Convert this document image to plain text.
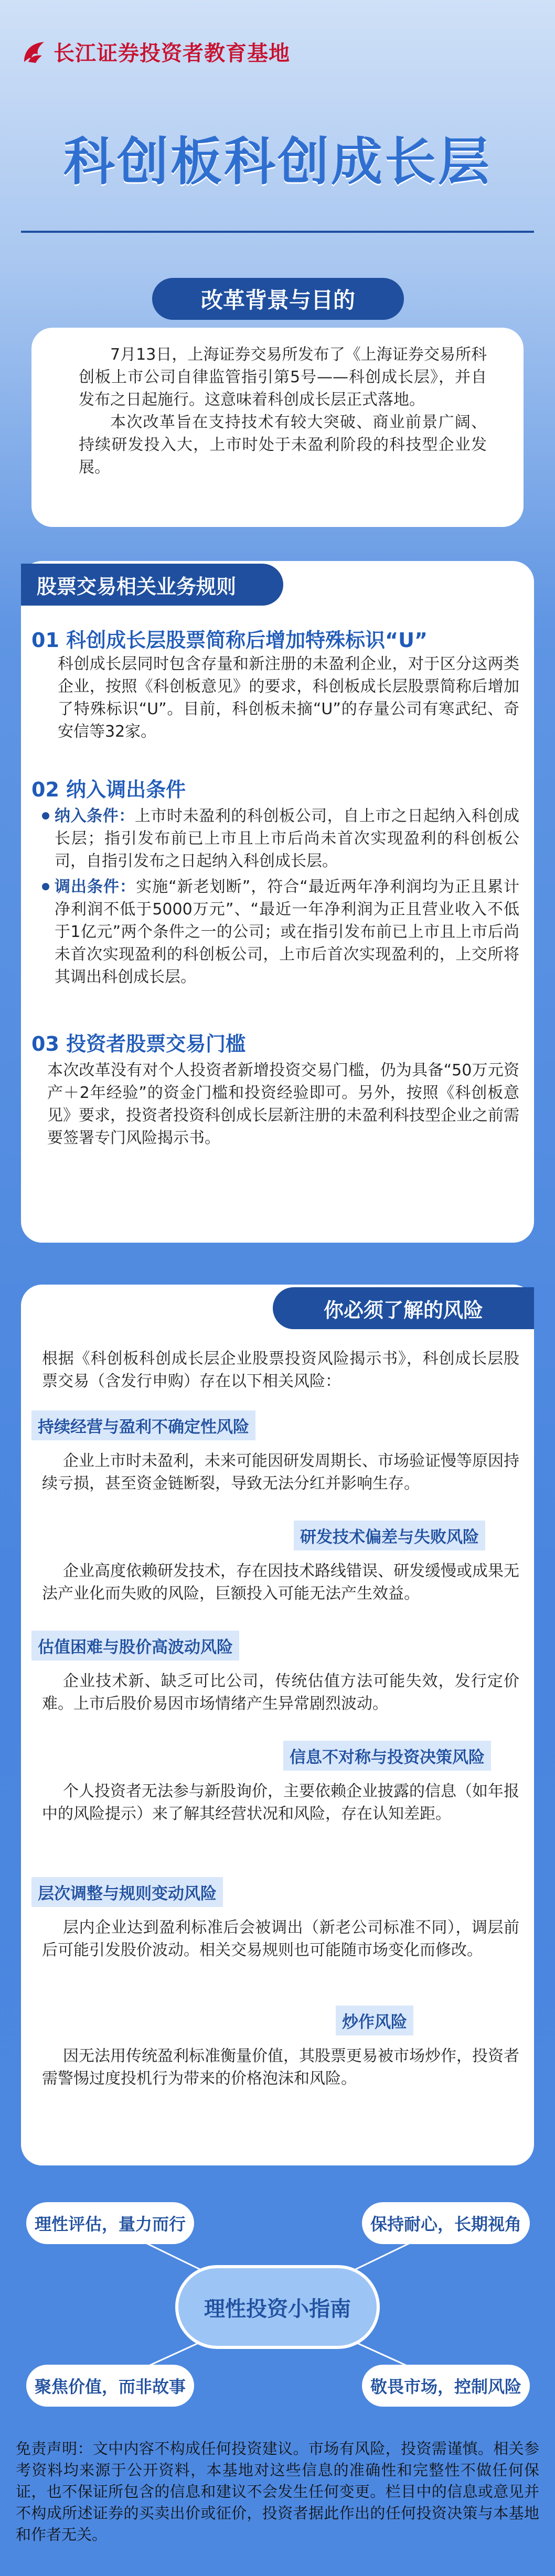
长江证券投资者教育基地
科创板科创成长层
改革背景与目的

7月13日，上海证券交易所发布了《上海证券交易所科创板上市公司自律监管指引第5号——科创成长层》，并自发布之日起施行。这意味着科创成长层正式落地。

本次改革旨在支持技术有较大突破、商业前景广阔、持续研发投入大，上市时处于未盈利阶段的科技型企业发展。

股票交易相关业务规则
01 科创成长层股票简称后增加特殊标识“U”

科创成长层同时包含存量和新注册的未盈利企业，对于区分这两类企业，按照《科创板意见》的要求，科创板成长层股票简称后增加了特殊标识“U”。目前，科创板未摘“U”的存量公司有寒武纪、奇安信等32家。

02 纳入调出条件

纳入条件：上市时未盈利的科创板公司，自上市之日起纳入科创成长层；指引发布前已上市且上市后尚未首次实现盈利的科创板公司，自指引发布之日起纳入科创成长层。

调出条件：实施“新老划断”，符合“最近两年净利润均为正且累计净利润不低于5000万元”、“最近一年净利润为正且营业收入不低于1亿元”两个条件之一的公司；或在指引发布前已上市且上市后尚未首次实现盈利的科创板公司，上市后首次实现盈利的，上交所将其调出科创成长层。

03 投资者股票交易门槛

本次改革没有对个人投资者新增投资交易门槛，仍为具备“50万元资产＋2年经验”的资金门槛和投资经验即可。另外，按照《科创板意见》要求，投资者投资科创成长层新注册的未盈利科技型企业之前需要签署专门风险揭示书。

你必须了解的风险

根据《科创板科创成长层企业股票投资风险揭示书》，科创成长层股票交易（含发行申购）存在以下相关风险：

持续经营与盈利不确定性风险

企业上市时未盈利，未来可能因研发周期长、市场验证慢等原因持续亏损，甚至资金链断裂，导致无法分红并影响生存。

研发技术偏差与失败风险

企业高度依赖研发技术，存在因技术路线错误、研发缓慢或成果无法产业化而失败的风险，巨额投入可能无法产生效益。

估值困难与股价高波动风险

企业技术新、缺乏可比公司，传统估值方法可能失效，发行定价难。上市后股价易因市场情绪产生异常剧烈波动。

信息不对称与投资决策风险

个人投资者无法参与新股询价，主要依赖企业披露的信息（如年报中的风险提示）来了解其经营状况和风险，存在认知差距。

层次调整与规则变动风险

层内企业达到盈利标准后会被调出（新老公司标准不同），调层前后可能引发股价波动。相关交易规则也可能随市场变化而修改。

炒作风险

因无法用传统盈利标准衡量价值，其股票更易被市场炒作，投资者需警惕过度投机行为带来的价格泡沫和风险。

理性评估，量力而行	保持耐心，长期视角
聚焦价值，而非故事	敬畏市场，控制风险
理性投资小指南

免责声明：文中内容不构成任何投资建议。市场有风险，投资需谨慎。相关参考资料均来源于公开资料，本基地对这些信息的准确性和完整性不做任何保证，也不保证所包含的信息和建议不会发生任何变更。栏目中的信息或意见并不构成所述证券的买卖出价或征价，投资者据此作出的任何投资决策与本基地和作者无关。
